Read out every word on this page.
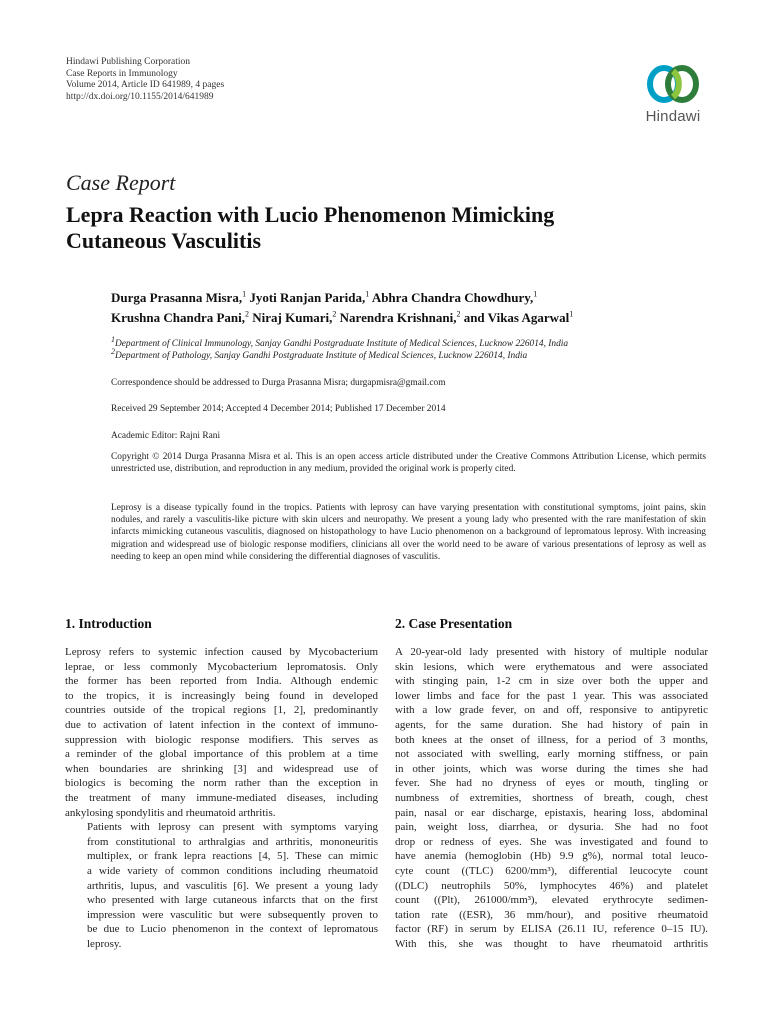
Hindawi Publishing Corporation
Case Reports in Immunology
Volume 2014, Article ID 641989, 4 pages
http://dx.doi.org/10.1155/2014/641989
Hindawi
Case Report
Lepra Reaction with Lucio Phenomenon Mimicking
Cutaneous Vasculitis
Durga Prasanna Misra,$^1$ Jyoti Ranjan Parida,$^1$ Abhra Chandra Chowdhury,$^1$
Krushna Chandra Pani,$^2$ Niraj Kumari,$^2$ Narendra Krishnani,$^2$ and Vikas Agarwal$^1$
$^1$Department of Clinical Immunology, Sanjay Gandhi Postgraduate Institute of Medical Sciences, Lucknow 226014, India
$^2$Department of Pathology, Sanjay Gandhi Postgraduate Institute of Medical Sciences, Lucknow 226014, India
Correspondence should be addressed to Durga Prasanna Misra; durgapmisra@gmail.com
Received 29 September 2014; Accepted 4 December 2014; Published 17 December 2014
Academic Editor: Rajni Rani
Copyright © 2014 Durga Prasanna Misra et al. This is an open access article distributed under the Creative Commons Attribution License, which permits unrestricted use, distribution, and reproduction in any medium, provided the original work is properly cited.
Leprosy is a disease typically found in the tropics. Patients with leprosy can have varying presentation with constitutional symptoms, joint pains, skin nodules, and rarely a vasculitis-like picture with skin ulcers and neuropathy. We present a young lady who presented with the rare manifestation of skin infarcts mimicking cutaneous vasculitis, diagnosed on histopathology to have Lucio phenomenon on a background of lepromatous leprosy. With increasing migration and widespread use of biologic response modifiers, clinicians all over the world need to be aware of various presentations of leprosy as well as needing to keep an open mind while considering the differential diagnoses of vasculitis.
1. Introduction

Leprosy refers to systemic infection caused by Mycobacterium
leprae, or less commonly Mycobacterium lepromatosis. Only
the former has been reported from India. Although endemic
to the tropics, it is increasingly being found in developed
countries outside of the tropical regions [1, 2], predominantly
due to activation of latent infection in the context of immuno-
suppression with biologic response modifiers. This serves as
a reminder of the global importance of this problem at a time
when boundaries are shrinking [3] and widespread use of
biologics is becoming the norm rather than the exception in
the treatment of many immune-mediated diseases, including
ankylosing spondylitis and rheumatoid arthritis.

Patients with leprosy can present with symptoms varying
from constitutional to arthralgias and arthritis, mononeuritis
multiplex, or frank lepra reactions [4, 5]. These can mimic
a wide variety of common conditions including rheumatoid
arthritis, lupus, and vasculitis [6]. We present a young lady
who presented with large cutaneous infarcts that on the first
impression were vasculitic but were subsequently proven to
be due to Lucio phenomenon in the context of lepromatous
leprosy.

2. Case Presentation

A 20-year-old lady presented with history of multiple nodular
skin lesions, which were erythematous and were associated
with stinging pain, 1-2 cm in size over both the upper and
lower limbs and face for the past 1 year. This was associated
with a low grade fever, on and off, responsive to antipyretic
agents, for the same duration. She had history of pain in
both knees at the onset of illness, for a period of 3 months,
not associated with swelling, early morning stiffness, or pain
in other joints, which was worse during the times she had
fever. She had no dryness of eyes or mouth, tingling or
numbness of extremities, shortness of breath, cough, chest
pain, nasal or ear discharge, epistaxis, hearing loss, abdominal
pain, weight loss, diarrhea, or dysuria. She had no foot
drop or redness of eyes. She was investigated and found to
have anemia (hemoglobin (Hb) 9.9 g%), normal total leuco-
cyte count ((TLC) 6200/mm³), differential leucocyte count
((DLC) neutrophils 50%, lymphocytes 46%) and platelet
count ((Plt), 261000/mm³), elevated erythrocyte sedimen-
tation rate ((ESR), 36 mm/hour), and positive rheumatoid
factor (RF) in serum by ELISA (26.11 IU, reference 0–15 IU).
With this, she was thought to have rheumatoid arthritis
